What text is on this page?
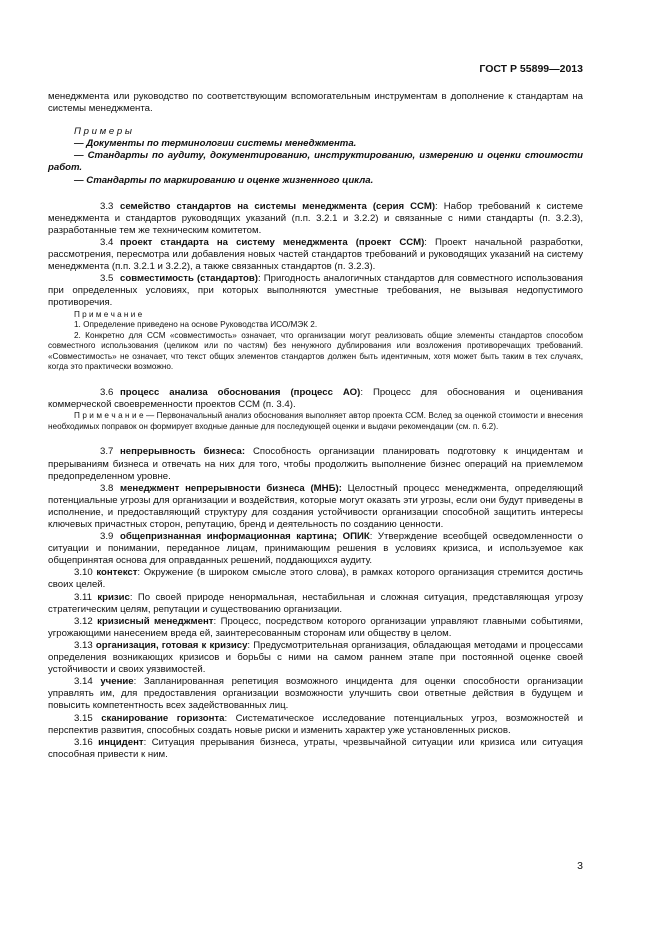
ГОСТ Р 55899—2013

менеджмента или руководство по соответствующим вспомогательным инструментам в дополнение к стандартам на системы менеджмента.

П р и м е р ы

— Документы по терминологии системы менеджмента.

— Стандарты по аудиту, документированию, инструктированию, измерению и оценки стоимости работ.

— Стандарты по маркированию и оценке жизненного цикла.

3.3 семейство стандартов на системы менеджмента (серия ССМ): Набор требований к системе менеджмента и стандартов руководящих указаний (п.п. 3.2.1 и 3.2.2) и связанные с ними стандарты (п. 3.2.3), разработанные тем же техническим комитетом.

3.4 проект стандарта на систему менеджмента (проект ССМ): Проект начальной разработки, рассмотрения, пересмотра или добавления новых частей стандартов требований и руководящих указаний на систему менеджмента (п.п. 3.2.1 и 3.2.2), а также связанных стандартов (п. 3.2.3).

3.5 совместимость (стандартов): Пригодность аналогичных стандартов для совместного использования при определенных условиях, при которых выполняются уместные требования, не вызывая недопустимого противоречия.

П р и м е ч а н и е

1. Определение приведено на основе Руководства ИСО/МЭК 2.

2. Конкретно для ССМ «совместимость» означает, что организации могут реализовать общие элементы стандартов способом совместного использования (целиком или по частям) без ненужного дублирования или возложения противоречащих требований. «Совместимость» не означает, что текст общих элементов стандартов должен быть идентичным, хотя может быть таким в тех случаях, когда это практически возможно.

3.6 процесс анализа обоснования (процесс АО): Процесс для обоснования и оценивания коммерческой своевременности проектов ССМ (п. 3.4).

П р и м е ч а н и е — Первоначальный анализ обоснования выполняет автор проекта ССМ. Вслед за оценкой стоимости и внесения необходимых поправок он формирует входные данные для последующей оценки и выдачи рекомендации (см. п. 6.2).

3.7 непрерывность бизнеса: Способность организации планировать подготовку к инцидентам и прерываниям бизнеса и отвечать на них для того, чтобы продолжить выполнение бизнес операций на приемлемом предопределенном уровне.

3.8 менеджмент непрерывности бизнеса (МНБ): Целостный процесс менеджмента, определяющий потенциальные угрозы для организации и воздействия, которые могут оказать эти угрозы, если они будут приведены в исполнение, и предоставляющий структуру для создания устойчивости организации способной защитить интересы ключевых причастных сторон, репутацию, бренд и деятельность по созданию ценности.

3.9 общепризнанная информационная картина; ОПИК: Утверждение всеобщей осведомленности о ситуации и понимании, переданное лицам, принимающим решения в условиях кризиса, и используемое как общепринятая основа для оправданных решений, поддающихся аудиту.

3.10 контекст: Окружение (в широком смысле этого слова), в рамках которого организация стремится достичь своих целей.

3.11 кризис: По своей природе ненормальная, нестабильная и сложная ситуация, представляющая угрозу стратегическим целям, репутации и существованию организации.

3.12 кризисный менеджмент: Процесс, посредством которого организации управляют главными событиями, угрожающими нанесением вреда ей, заинтересованным сторонам или обществу в целом.

3.13 организация, готовая к кризису: Предусмотрительная организация, обладающая методами и процессами определения возникающих кризисов и борьбы с ними на самом раннем этапе при постоянной оценке своей устойчивости и своих уязвимостей.

3.14 учение: Запланированная репетиция возможного инцидента для оценки способности организации управлять им, для предоставления организации возможности улучшить свои ответные действия в будущем и повысить компетентность всех задействованных лиц.

3.15 сканирование горизонта: Систематическое исследование потенциальных угроз, возможностей и перспектив развития, способных создать новые риски и изменить характер уже установленных рисков.

3.16 инцидент: Ситуация прерывания бизнеса, утраты, чрезвычайной ситуации или кризиса или ситуация способная привести к ним.

3
